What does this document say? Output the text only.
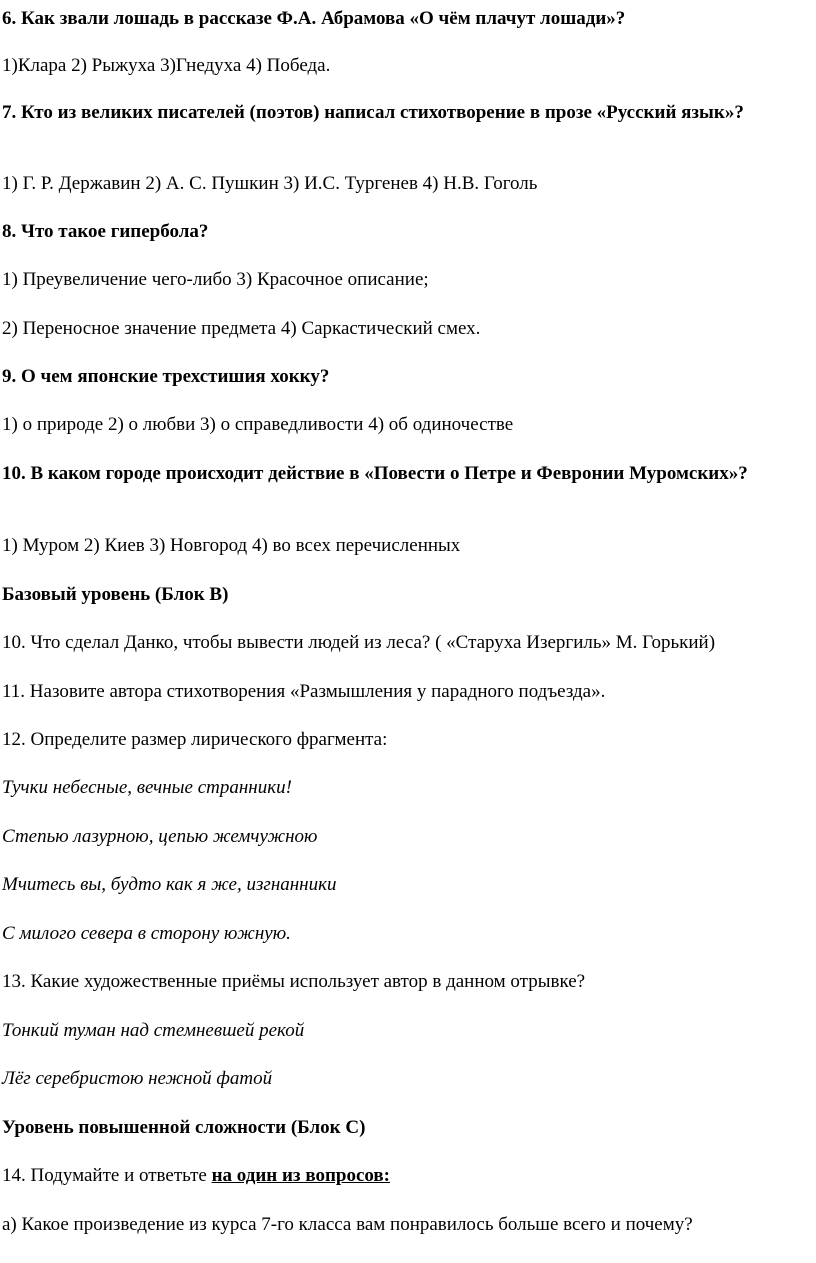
6. Как звали лошадь в рассказе Ф.А. Абрамова «О чём плачут лошади»?
1)Клара 2) Рыжуха 3)Гнедуха 4) Победа.
7. Кто из великих писателей (поэтов) написал стихотворение в прозе «Русский язык»?
1) Г. Р. Державин 2) А. С. Пушкин 3) И.С. Тургенев 4) Н.В. Гоголь
8. Что такое гипербола?
1) Преувеличение чего-либо 3) Красочное описание;
2) Переносное значение предмета 4) Саркастический смех.
9. О чем японские трехстишия хокку?
1) о природе 2) о любви 3) о справедливости 4) об одиночестве
10. В каком городе происходит действие в «Повести о Петре и Февронии Муромских»?
1) Муром 2) Киев 3) Новгород 4) во всех перечисленных
Базовый уровень (Блок В)
10. Что сделал Данко, чтобы вывести людей из леса? ( «Старуха Изергиль» М. Горький)
11. Назовите автора стихотворения «Размышления у парадного подъезда».
12. Определите размер лирического фрагмента:
Тучки небесные, вечные странники!
Степью лазурною, цепью жемчужною
Мчитесь вы, будто как я же, изгнанники
С милого севера в сторону южную.
13. Какие художественные приёмы использует автор в данном отрывке?
Тонкий туман над стемневшей рекой
Лёг серебристою нежной фатой
Уровень повышенной сложности (Блок С)
14. Подумайте и ответьте на один из вопросов:
а) Какое произведение из курса 7-го класса вам понравилось больше всего и почему?
